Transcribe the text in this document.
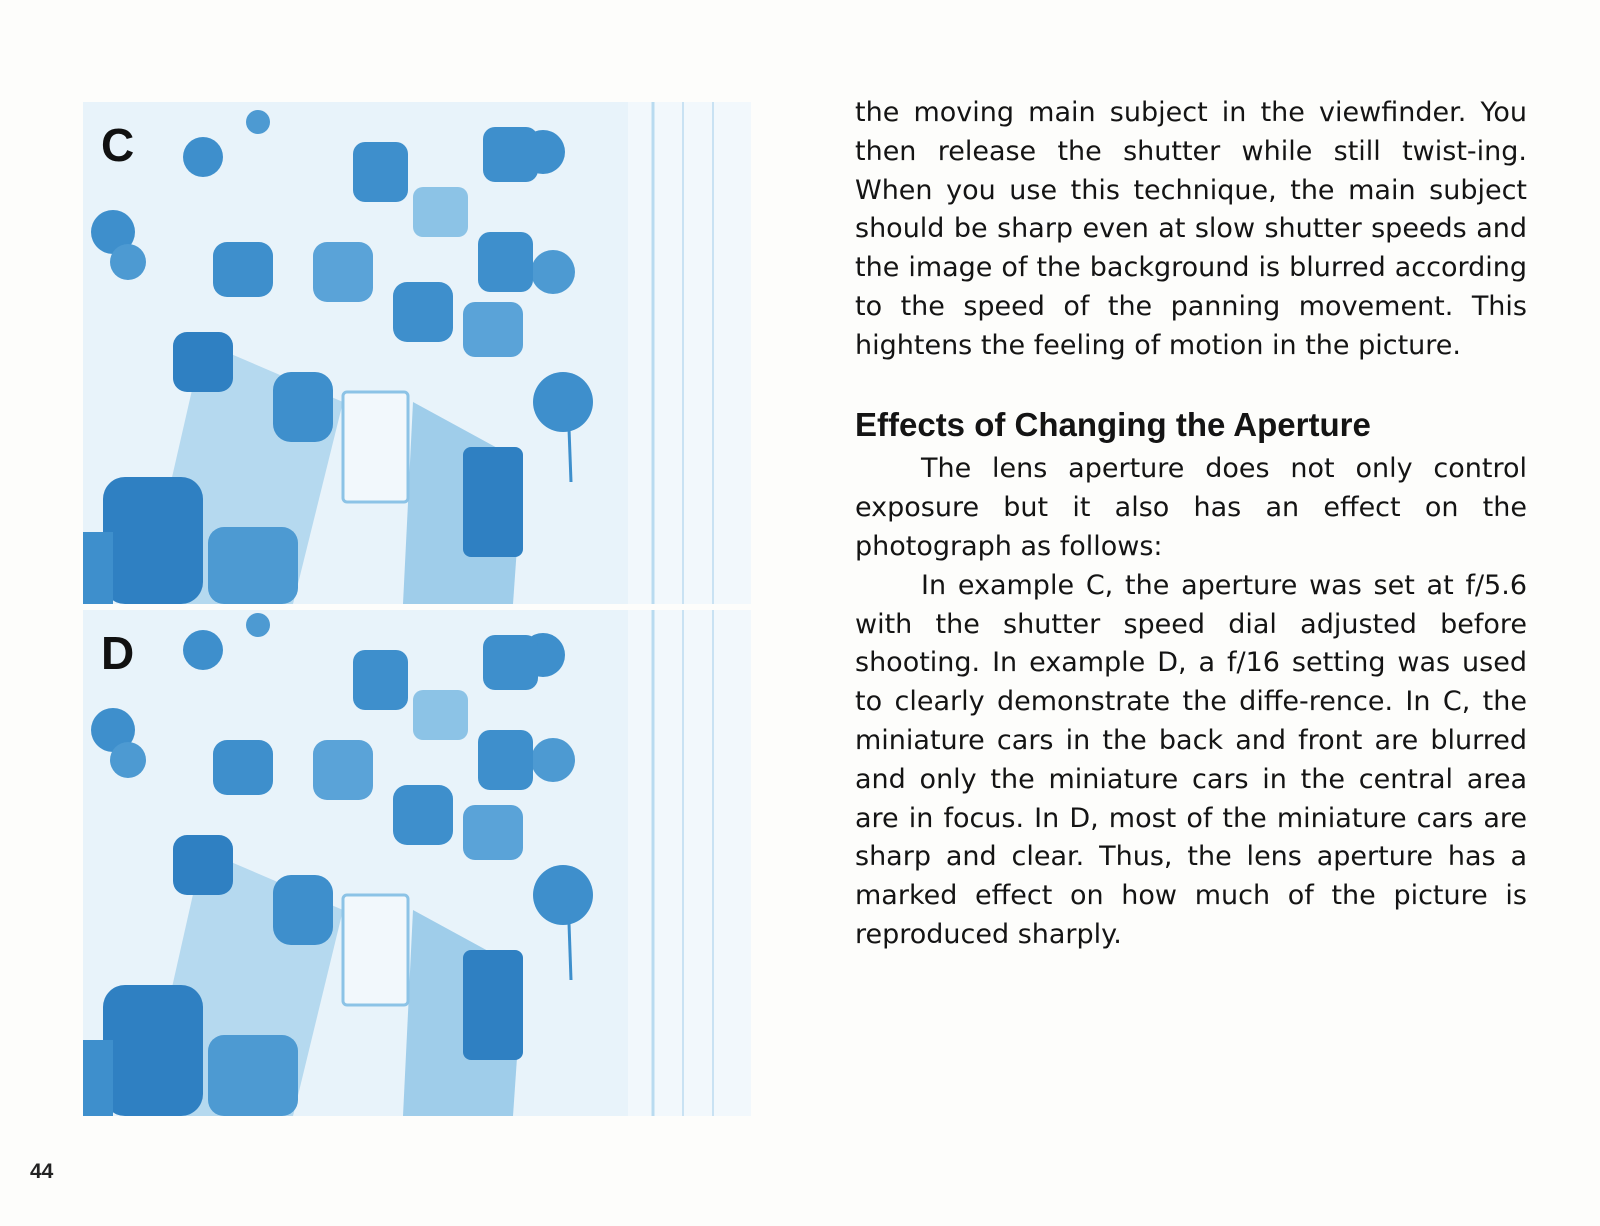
C
D

the moving main subject in the viewfinder. You then release the shutter while still twist-ing. When you use this technique, the main subject should be sharp even at slow shutter speeds and the image of the background is blurred according to the speed of the panning movement. This hightens the feeling of motion in the picture.

Effects of Changing the Aperture

The lens aperture does not only control exposure but it also has an effect on the photograph as follows:

In example C, the aperture was set at f/5.6 with the shutter speed dial adjusted before shooting. In example D, a f/16 setting was used to clearly demonstrate the diffe-rence. In C, the miniature cars in the back and front are blurred and only the miniature cars in the central area are in focus. In D, most of the miniature cars are sharp and clear. Thus, the lens aperture has a marked effect on how much of the picture is reproduced sharply.

44
